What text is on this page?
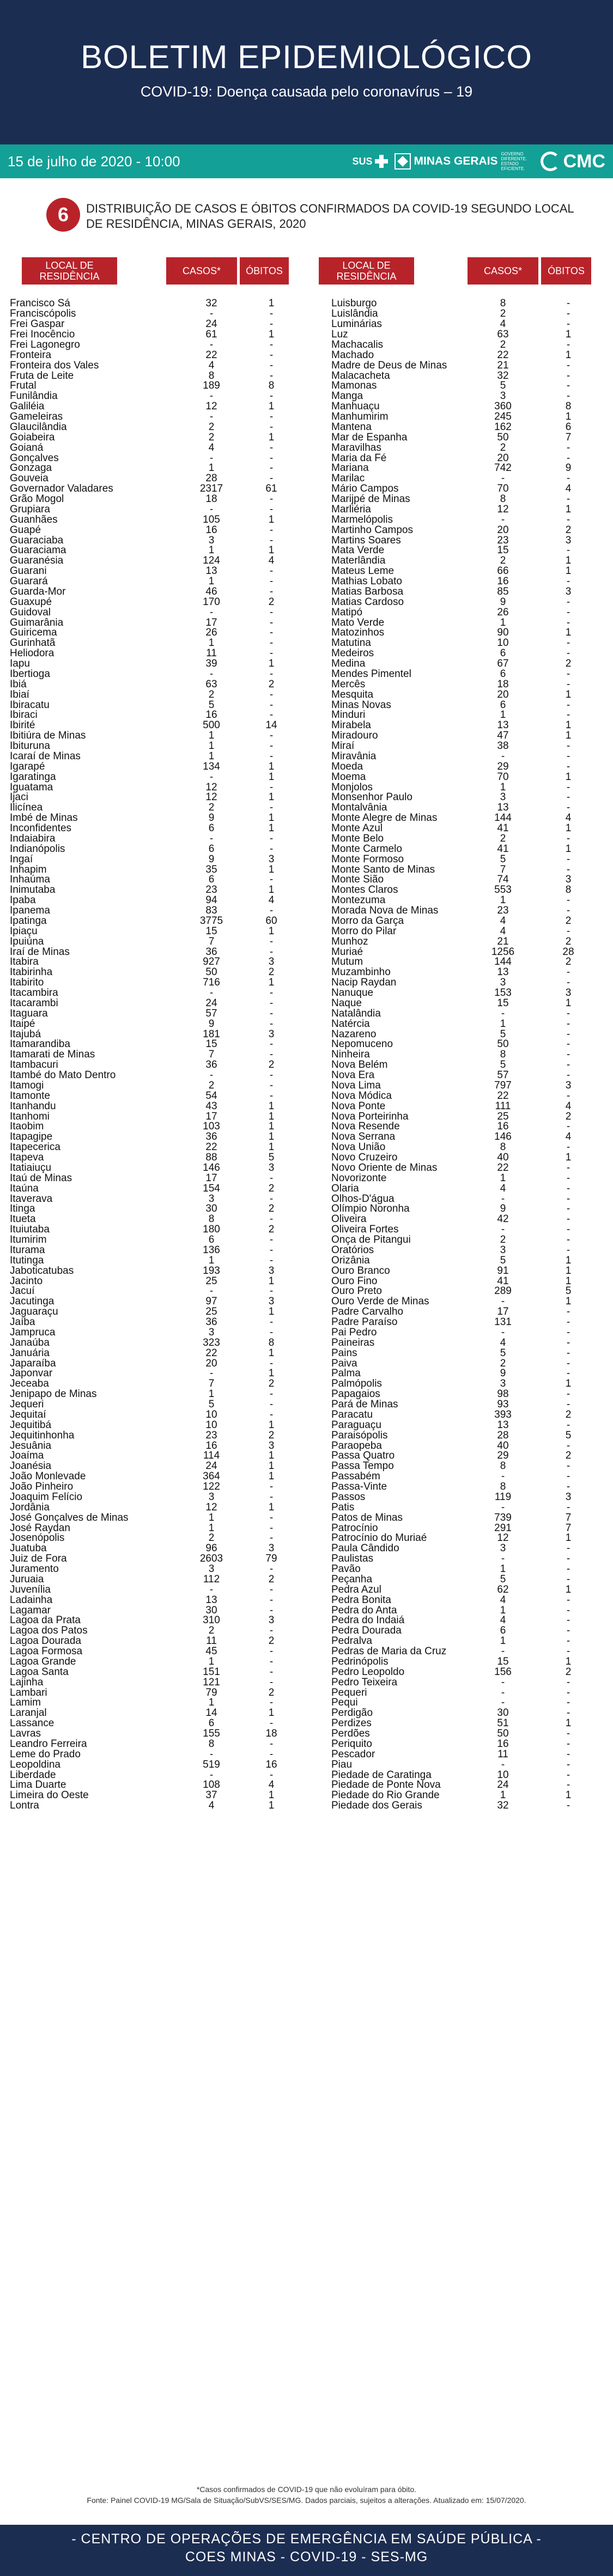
BOLETIM EPIDEMIOLÓGICO
COVID-19: Doença causada pelo coronavírus – 19
15 de julho de 2020 - 10:00	SUS	MINAS GERAIS
GOVERNO DIFERENTE. ESTADO EFICIENTE.	CMC
6	DISTRIBUIÇÃO DE CASOS E ÓBITOS CONFIRMADOS DA COVID-19 SEGUNDO LOCAL DE RESIDÊNCIA, MINAS GERAIS, 2020
LOCAL DE RESIDÊNCIA	CASOS*	ÓBITOS	LOCAL DE RESIDÊNCIA	CASOS*	ÓBITOS
Francisco Sá	32	1
Franciscópolis	-	-
Frei Gaspar	24	-
Frei Inocêncio	61	1
Frei Lagonegro	-	-
Fronteira	22	-
Fronteira dos Vales	4	-
Fruta de Leite	8	-
Frutal	189	8
Funilândia	-	-
Galiléia	12	1
Gameleiras	-	-
Glaucilândia	2	-
Goiabeira	2	1
Goianá	4	-
Gonçalves	-	-
Gonzaga	1	-
Gouveia	28	-
Governador Valadares	2317	61
Grão Mogol	18	-
Grupiara	-	-
Guanhães	105	1
Guapé	16	-
Guaraciaba	3	-
Guaraciama	1	1
Guaranésia	124	4
Guarani	13	-
Guarará	1	-
Guarda-Mor	46	-
Guaxupé	170	2
Guidoval	-	-
Guimarânia	17	-
Guiricema	26	-
Gurinhatã	1	-
Heliodora	11	-
Iapu	39	1
Ibertioga	-	-
Ibiá	63	2
Ibiaí	2	-
Ibiracatu	5	-
Ibiraci	16	-
Ibirité	500	14
Ibitiúra de Minas	1	-
Ibituruna	1	-
Icaraí de Minas	1	-
Igarapé	134	1
Igaratinga	-	1
Iguatama	12	-
Ijaci	12	1
Ilicínea	2	-
Imbé de Minas	9	1
Inconfidentes	6	1
Indaiabira	-	-
Indianópolis	6	-
Ingaí	9	3
Inhapim	35	1
Inhaúma	6	-
Inimutaba	23	1
Ipaba	94	4
Ipanema	83	-
Ipatinga	3775	60
Ipiaçu	15	1
Ipuiúna	7	-
Iraí de Minas	36	-
Itabira	927	3
Itabirinha	50	2
Itabirito	716	1
Itacambira	-	-
Itacarambi	24	-
Itaguara	57	-
Itaipé	9	-
Itajubá	181	3
Itamarandiba	15	-
Itamarati de Minas	7	-
Itambacuri	36	2
Itambé do Mato Dentro	-	-
Itamogi	2	-
Itamonte	54	-
Itanhandu	43	1
Itanhomi	17	1
Itaobim	103	1
Itapagipe	36	1
Itapecerica	22	1
Itapeva	88	5
Itatiaiuçu	146	3
Itaú de Minas	17	-
Itaúna	154	2
Itaverava	3	-
Itinga	30	2
Itueta	8	-
Ituiutaba	180	2
Itumirim	6	-
Iturama	136	-
Itutinga	1	-
Jaboticatubas	193	3
Jacinto	25	1
Jacuí	-	-
Jacutinga	97	3
Jaguaraçu	25	1
Jaíba	36	-
Jampruca	3	-
Janaúba	323	8
Januária	22	1
Japaraíba	20	-
Japonvar	-	1
Jeceaba	7	2
Jenipapo de Minas	1	-
Jequeri	5	-
Jequitaí	10	-
Jequitibá	10	1
Jequitinhonha	23	2
Jesuânia	16	3
Joaíma	114	1
Joanésia	24	1
João Monlevade	364	1
João Pinheiro	122	-
Joaquim Felício	3	-
Jordânia	12	1
José Gonçalves de Minas	1	-
José Raydan	1	-
Josenópolis	2	-
Juatuba	96	3
Juiz de Fora	2603	79
Juramento	3	-
Juruaia	112	2
Juvenília	-	-
Ladainha	13	-
Lagamar	30	-
Lagoa da Prata	310	3
Lagoa dos Patos	2	-
Lagoa Dourada	11	2
Lagoa Formosa	45	-
Lagoa Grande	1	-
Lagoa Santa	151	-
Lajinha	121	-
Lambari	79	2
Lamim	1	-
Laranjal	14	1
Lassance	6	-
Lavras	155	18
Leandro Ferreira	8	-
Leme do Prado	-	-
Leopoldina	519	16
Liberdade	-	-
Lima Duarte	108	4
Limeira do Oeste	37	1
Lontra	4	1
Luisburgo	8	-
Luislândia	2	-
Luminárias	4	-
Luz	63	1
Machacalis	2	-
Machado	22	1
Madre de Deus de Minas	21	-
Malacacheta	32	-
Mamonas	5	-
Manga	3	-
Manhuaçu	360	8
Manhumirim	245	1
Mantena	162	6
Mar de Espanha	50	7
Maravilhas	2	-
Maria da Fé	20	-
Mariana	742	9
Marilac	-	-
Mário Campos	70	4
Marijpé de Minas	8	-
Marliéria	12	1
Marmelópolis	-	-
Martinho Campos	20	2
Martins Soares	23	3
Mata Verde	15	-
Materlândia	2	1
Mateus Leme	66	1
Mathias Lobato	16	-
Matias Barbosa	85	3
Matias Cardoso	9	-
Matipó	26	-
Mato Verde	1	-
Matozinhos	90	1
Matutina	10	-
Medeiros	6	-
Medina	67	2
Mendes Pimentel	6	-
Mercês	18	-
Mesquita	20	1
Minas Novas	6	-
Minduri	1	-
Mirabela	13	1
Miradouro	47	1
Miraí	38	-
Miravânia	-	-
Moeda	29	-
Moema	70	1
Monjolos	1	-
Monsenhor Paulo	3	-
Montalvânia	13	-
Monte Alegre de Minas	144	4
Monte Azul	41	1
Monte Belo	2	-
Monte Carmelo	41	1
Monte Formoso	5	-
Monte Santo de Minas	7	-
Monte Sião	74	3
Montes Claros	553	8
Montezuma	1	-
Morada Nova de Minas	23	-
Morro da Garça	4	2
Morro do Pilar	4	-
Munhoz	21	2
Muriaé	1256	28
Mutum	144	2
Muzambinho	13	-
Nacip Raydan	3	-
Nanuque	153	3
Naque	15	1
Natalândia	-	-
Natércia	1	-
Nazareno	5	-
Nepomuceno	50	-
Ninheira	8	-
Nova Belém	5	-
Nova Era	57	-
Nova Lima	797	3
Nova Módica	22	-
Nova Ponte	111	4
Nova Porteirinha	25	2
Nova Resende	16	-
Nova Serrana	146	4
Nova União	8	-
Novo Cruzeiro	40	1
Novo Oriente de Minas	22	-
Novorizonte	1	-
Olaria	4	-
Olhos-D'água	-	-
Olímpio Noronha	9	-
Oliveira	42	-
Oliveira Fortes	-	-
Onça de Pitangui	2	-
Oratórios	3	-
Orizânia	5	1
Ouro Branco	91	1
Ouro Fino	41	1
Ouro Preto	289	5
Ouro Verde de Minas	-	1
Padre Carvalho	17	-
Padre Paraíso	131	-
Pai Pedro	-	-
Paineiras	4	-
Pains	5	-
Paiva	2	-
Palma	9	-
Palmópolis	3	1
Papagaios	98	-
Pará de Minas	93	-
Paracatu	393	2
Paraguaçu	13	-
Paraisópolis	28	5
Paraopeba	40	-
Passa Quatro	29	2
Passa Tempo	8	-
Passabém	-	-
Passa-Vinte	8	-
Passos	119	3
Patis	-	-
Patos de Minas	739	7
Patrocínio	291	7
Patrocínio do Muriaé	12	1
Paula Cândido	3	-
Paulistas	-	-
Pavão	1	-
Peçanha	5	-
Pedra Azul	62	1
Pedra Bonita	4	-
Pedra do Anta	1	-
Pedra do Indaiá	4	-
Pedra Dourada	6	-
Pedralva	1	-
Pedras de Maria da Cruz	-	-
Pedrinópolis	15	1
Pedro Leopoldo	156	2
Pedro Teixeira	-	-
Pequeri	-	-
Pequi	-	-
Perdigão	30	-
Perdizes	51	1
Perdões	50	-
Periquito	16	-
Pescador	11	-
Piau	-	-
Piedade de Caratinga	10	-
Piedade de Ponte Nova	24	-
Piedade do Rio Grande	1	1
Piedade dos Gerais	32	-
*Casos confirmados de COVID-19 que não evoluíram para óbito.
Fonte: Painel COVID-19 MG/Sala de Situação/SubVS/SES/MG. Dados parciais, sujeitos a alterações. Atualizado em: 15/07/2020.
- CENTRO DE OPERAÇÕES DE EMERGÊNCIA EM SAÚDE PÚBLICA -
COES MINAS - COVID-19 - SES-MG
